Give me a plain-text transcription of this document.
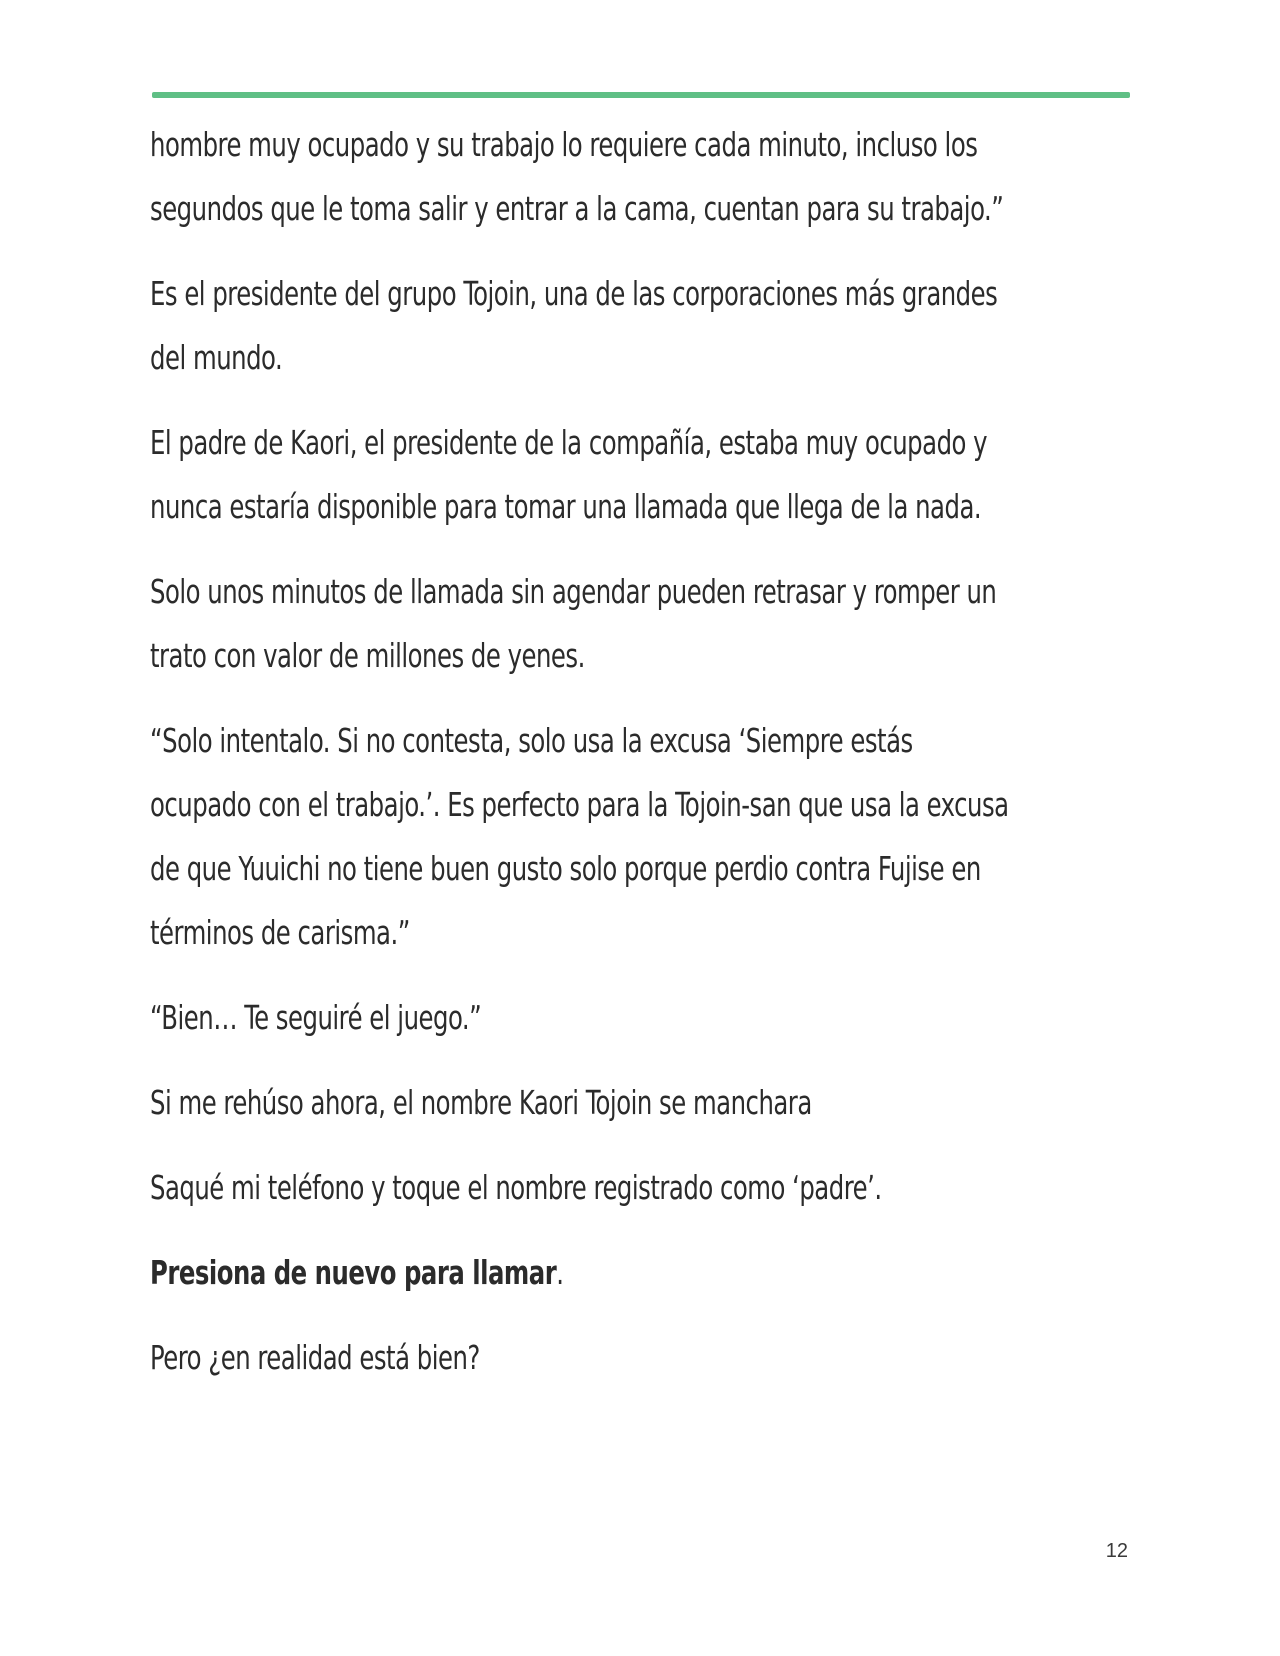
hombre muy ocupado y su trabajo lo requiere cada minuto, incluso los
segundos que le toma salir y entrar a la cama, cuentan para su trabajo.”

Es el presidente del grupo Tojoin, una de las corporaciones más grandes
del mundo.

El padre de Kaori, el presidente de la compañía, estaba muy ocupado y
nunca estaría disponible para tomar una llamada que llega de la nada.

Solo unos minutos de llamada sin agendar pueden retrasar y romper un
trato con valor de millones de yenes.

“Solo intentalo. Si no contesta, solo usa la excusa ‘Siempre estás
ocupado con el trabajo.’. Es perfecto para la Tojoin-san que usa la excusa
de que Yuuichi no tiene buen gusto solo porque perdio contra Fujise en
términos de carisma.”

“Bien… Te seguiré el juego.”

Si me rehúso ahora, el nombre Kaori Tojoin se manchara

Saqué mi teléfono y toque el nombre registrado como ‘padre’.

Presiona de nuevo para llamar.

Pero ¿en realidad está bien?

12
